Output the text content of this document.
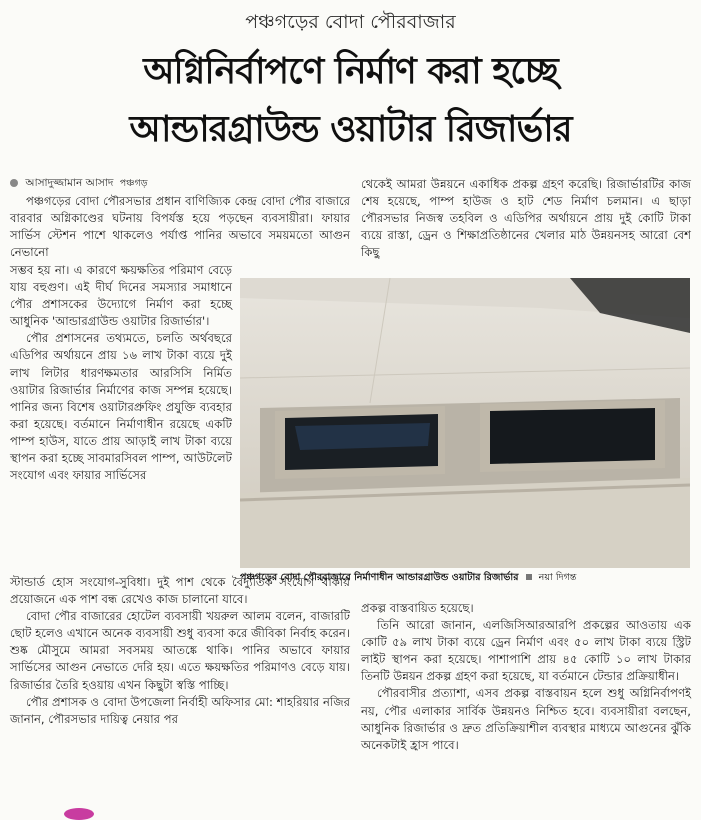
পঞ্চগড়ের বোদা পৌরবাজার
অগ্নিনির্বাপণে নির্মাণ করা হচ্ছে
আন্ডারগ্রাউন্ড ওয়াটার রিজার্ভার
আসাদুজ্জামান আসাদ পঞ্চগড়

পঞ্চগড়ের বোদা পৌরসভার প্রধান বাণিজ্যিক কেন্দ্র বোদা পৌর বাজারে বারবার অগ্নিকাণ্ডের ঘটনায় বিপর্যস্ত হয়ে পড়ছেন ব্যবসায়ীরা। ফায়ার সার্ভিস স্টেশন পাশে থাকলেও পর্যাপ্ত পানির অভাবে সময়মতো আগুন নেভানো

সম্ভব হয় না। এ কারণে ক্ষয়ক্ষতির পরিমাণ বেড়ে যায় বহুগুণ। এই দীর্ঘ দিনের সমস্যার সমাধানে পৌর প্রশাসকের উদ্যোগে নির্মাণ করা হচ্ছে আধুনিক 'আন্ডারগ্রাউন্ড ওয়াটার রিজার্ভার'।

পৌর প্রশাসনের তথ্যমতে, চলতি অর্থবছরে এডিপির অর্থায়নে প্রায় ১৬ লাখ টাকা ব্যয়ে দুই লাখ লিটার ধারণক্ষমতার আরসিসি নির্মিত ওয়াটার রিজার্ভার নির্মাণের কাজ সম্পন্ন হয়েছে। পানির জন্য বিশেষ ওয়াটারপ্রুফিং প্রযুক্তি ব্যবহার করা হয়েছে। বর্তমানে নির্মাণাধীন রয়েছে একটি পাম্প হাউস, যাতে প্রায় আড়াই লাখ টাকা ব্যয়ে স্থাপন করা হচ্ছে সাবমারসিবল পাম্প, আউটলেট সংযোগ এবং ফায়ার সার্ভিসের

স্টান্ডার্ড হোস সংযোগ-সুবিধা। দুই পাশ থেকে বৈদ্যুতিক সংযোগ থাকায় প্রয়োজনে এক পাশ বন্ধ রেখেও কাজ চালানো যাবে।

বোদা পৌর বাজারের হোটেল ব্যবসায়ী খয়রুল আলম বলেন, বাজারটি ছোট হলেও এখানে অনেক ব্যবসায়ী শুধু ব্যবসা করে জীবিকা নির্বাহ করেন। শুষ্ক মৌসুমে আমরা সবসময় আতঙ্কে থাকি। পানির অভাবে ফায়ার সার্ভিসের আগুন নেভাতে দেরি হয়। এতে ক্ষয়ক্ষতির পরিমাণও বেড়ে যায়। রিজার্ভার তৈরি হওয়ায় এখন কিছুটা স্বস্তি পাচ্ছি।

পৌর প্রশাসক ও বোদা উপজেলা নির্বাহী অফিসার মো: শাহরিয়ার নজির জানান, পৌরসভার দায়িত্ব নেয়ার পর

থেকেই আমরা উন্নয়নে একাধিক প্রকল্প গ্রহণ করেছি। রিজার্ভারটির কাজ শেষ হয়েছে, পাম্প হাউজ ও হাট শেড নির্মাণ চলমান। এ ছাড়া পৌরসভার নিজস্ব তহবিল ও এডিপির অর্থায়নে প্রায় দুই কোটি টাকা ব্যয়ে রাস্তা, ড্রেন ও শিক্ষাপ্রতিষ্ঠানের খেলার মাঠ উন্নয়নসহ আরো বেশ কিছু

পঞ্চগড়ের বোদা পৌরবাজারে নির্মাণাধীন আন্ডারগ্রাউন্ড ওয়াটার রিজার্ভার নয়া দিগন্ত

প্রকল্প বাস্তবায়িত হয়েছে।

তিনি আরো জানান, এলজিসিআরআরপি প্রকল্পের আওতায় এক কোটি ৫৯ লাখ টাকা ব্যয়ে ড্রেন নির্মাণ এবং ৫০ লাখ টাকা ব্যয়ে স্ট্রিট লাইট স্থাপন করা হয়েছে। পাশাপাশি প্রায় ৪৫ কোটি ১০ লাখ টাকার তিনটি উন্নয়ন প্রকল্প গ্রহণ করা হয়েছে, যা বর্তমানে টেন্ডার প্রক্রিয়াধীন।

পৌরবাসীর প্রত্যাশা, এসব প্রকল্প বাস্তবায়ন হলে শুধু অগ্নিনির্বাপণই নয়, পৌর এলাকার সার্বিক উন্নয়নও নিশ্চিত হবে। ব্যবসায়ীরা বলছেন, আধুনিক রিজার্ভার ও দ্রুত প্রতিক্রিয়াশীল ব্যবস্থার মাধ্যমে আগুনের ঝুঁকি অনেকটাই হ্রাস পাবে।
